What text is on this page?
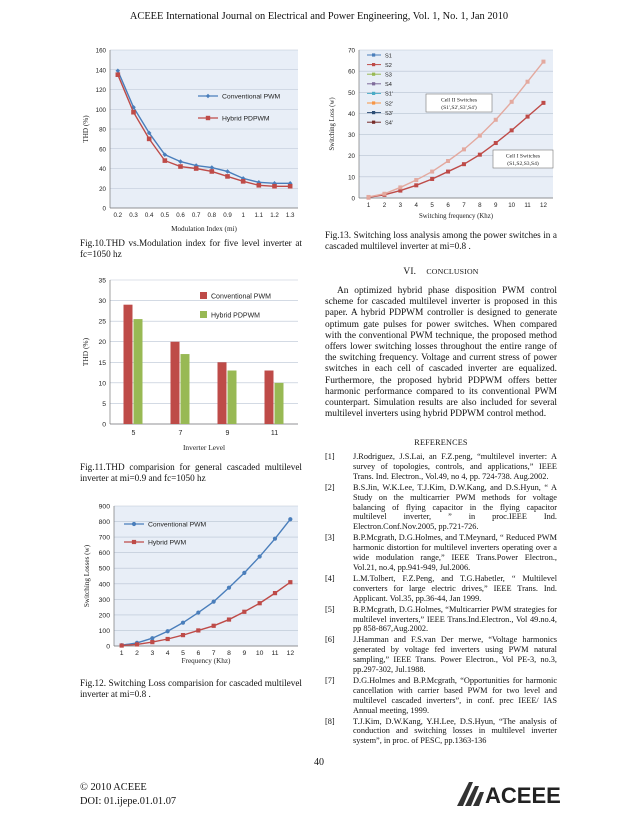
ACEEE International Journal on Electrical and Power Engineering, Vol. 1, No. 1, Jan 2010
0
20
40
60
80
100
120
140
160
Modulation Index (mi)
THD (%)
0.2 0.3 0.4 0.5 0.6 0.7 0.8 0.9 1 1.1 1.2 1.3
Conventional PWM
Hybrid PDPWM
Fig.10.THD vs.Modulation index for five level inverter at fc=1050 hz
0
5
10
15
20
25
30
35
Inverter Level
THD (%)
5	7	9	11
Conventional PWM
Hybrid PDPWM
Fig.11.THD comparision for general cascaded multilevel inverter at mi=0.9 and fc=1050 hz
0
100
200
300
400
500
600
700
800
900
Frequency (Khz)
Switching Losses (w)
1 2 3 4 5 6 7 8 9 10 11 12
Conventional PWM
Hybrid PWM
Fig.12. Switching Loss comparision for cascaded multilevel inverter at mi=0.8 .
0
10
20
30
40
50
60
70
Switching frequency (Khz)
Switching Loss (w)
1 2 3 4 5 6 7 8 9 10 11 12
S1
S2
S3
S4
S1'
S2'
S3'
S4'
Cell II Switches
(S1',S2',S3',S4')
Cell I Switches
(S1,S2,S3,S4)
Fig.13. Switching loss analysis among the power switches in a cascaded multilevel inverter at mi=0.8 .
VI. CONCLUSION
An optimized hybrid phase disposition PWM control scheme for cascaded multilevel inverter is proposed in this paper. A hybrid PDPWM controller is designed to generate optimum gate pulses for power switches. When compared with the conventional PWM technique, the proposed method offers lower switching losses throughout the entire range of the switching frequency. Voltage and current stress of power switches in each cell of cascaded inverter are equalized. Furthermore, the proposed hybrid PDPWM offers better harmonic performance compared to its conventional PWM counterpart. Simulation results are also included for several multilevel inverters using hybrid PDPWM control method.
REFERENCES
[1]	J.Rodriguez, J.S.Lai, an F.Z.peng, “multilevel inverter: A survey of topologies, controls, and applications,” IEEE Trans. Ind. Electron., Vol.49, no 4, pp. 724-738. Aug.2002.
[2]	B.S.Jin, W.K.Lee, T.J.Kim, D.W.Kang, and D.S.Hyun, “ A Study on the multicarrier PWM methods for voltage balancing of flying capacitor in the flying capacitor multilevel inverter, ” in proc.IEEE Ind. Electron.Conf.Nov.2005, pp.721-726.
[3]	B.P.Mcgrath, D.G.Holmes, and T.Meynard, “ Reduced PWM harmonic distortion for multilevel inverters operating over a wide modulation range,” IEEE Trans.Power Electron., Vol.21, no.4, pp.941-949, Jul.2006.
[4]	L.M.Tolbert, F.Z.Peng, and T.G.Habetler, “ Multilevel converters for large electric drives,” IEEE Trans. Ind. Applicant. Vol.35, pp.36-44, Jan 1999.
[5]	B.P.Mcgrath, D.G.Holmes, “Multicarrier PWM strategies for multilevel inverters,” IEEE Trans.Ind.Electron., Vol 49.no.4, pp 858-867,Aug.2002.
[6]	J.Hamman and F.S.van Der merwe, “Voltage harmonics generated by voltage fed inverters using PWM natural sampling,” IEEE Trans. Power Electron., Vol PE-3, no.3, pp.297-302, Jul.1988.
[7]	D.G.Holmes and B.P.Mcgrath, “Opportunities for harmonic cancellation with carrier based PWM for two level and multilevel cascaded inverters”, in conf. prec IEEE/ IAS Annual meeting, 1999.
[8]	T.J.Kim, D.W.Kang, Y.H.Lee, D.S.Hyun, “The analysis of conduction and switching losses in multilevel inverter system”, in proc. of PESC, pp.1363-136
40
© 2010 ACEEE
DOI: 01.ijepe.01.01.07	ACEEE
